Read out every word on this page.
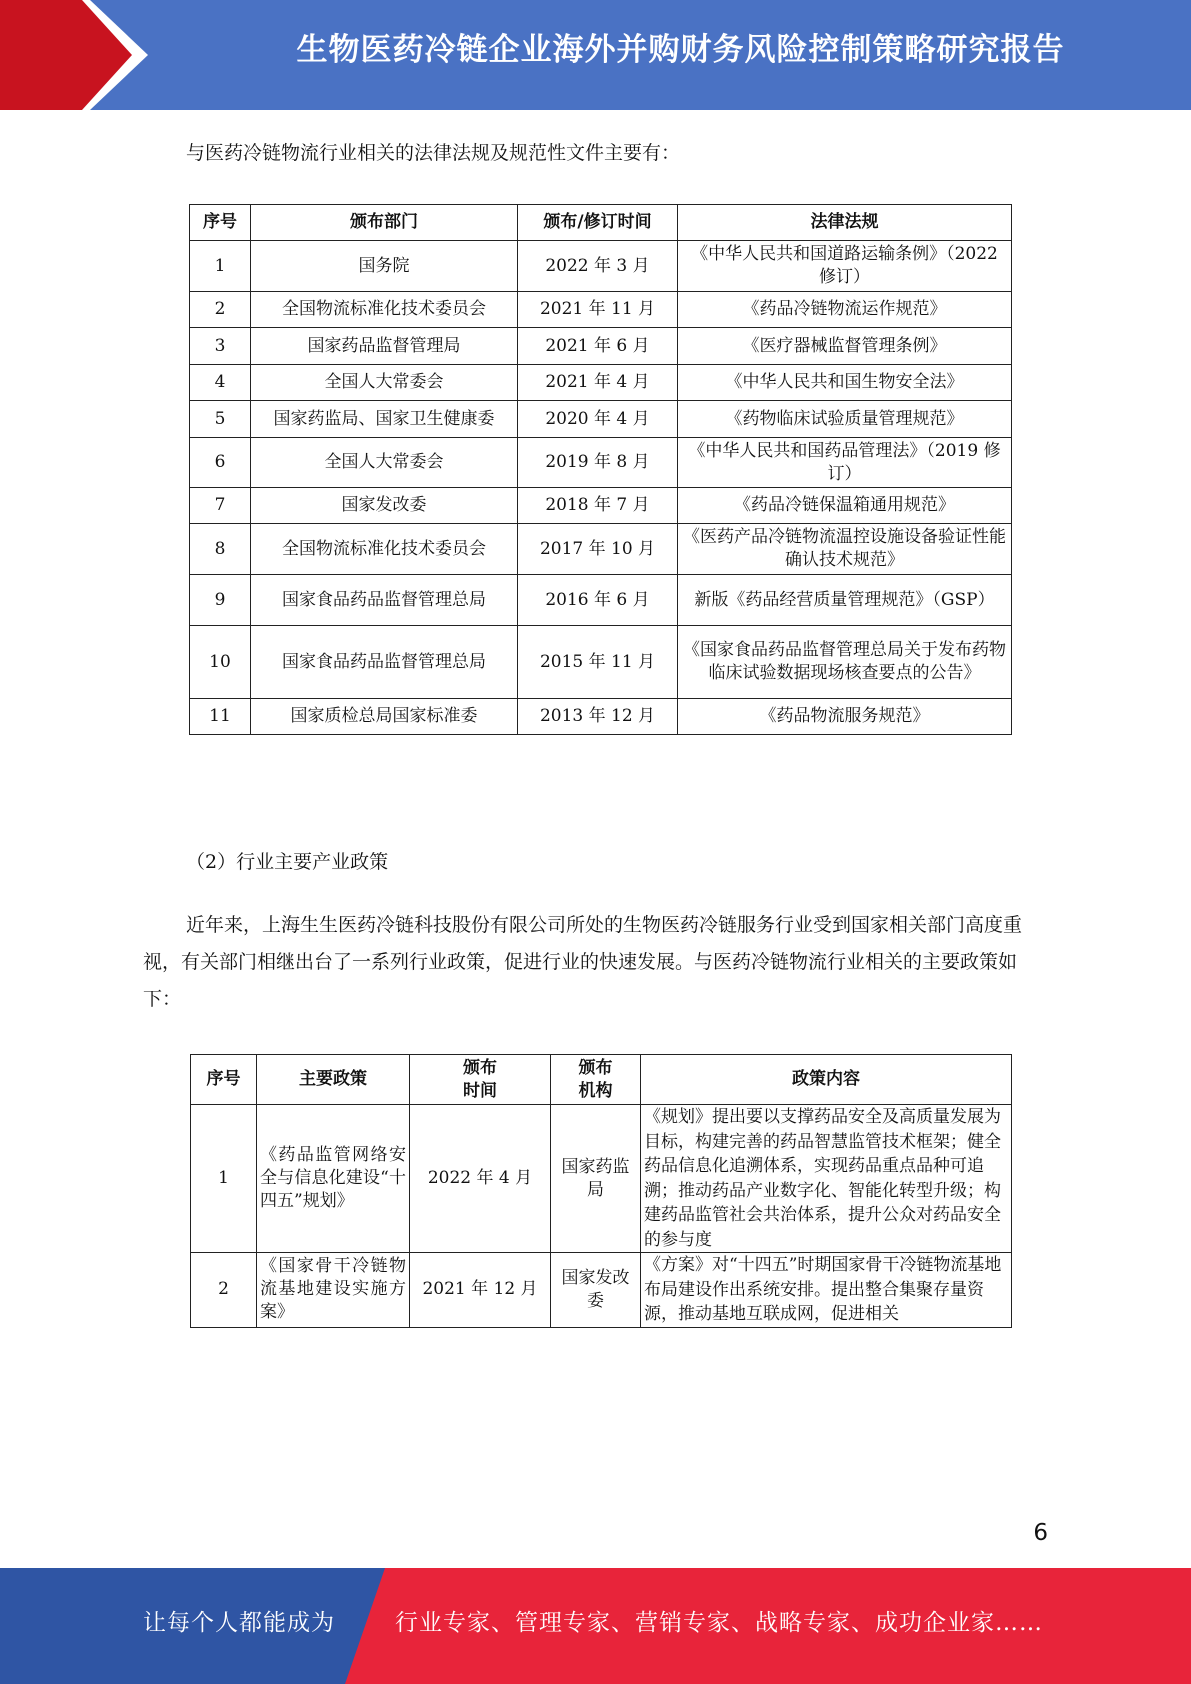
生物医药冷链企业海外并购财务风险控制策略研究报告
与医药冷链物流行业相关的法律法规及规范性文件主要有：
序号	颁布部门	颁布/修订时间	法律法规
1	国务院	2022 年 3 月	《中华人民共和国道路运输条例》（2022 修订）
2	全国物流标准化技术委员会	2021 年 11 月	《药品冷链物流运作规范》
3	国家药品监督管理局	2021 年 6 月	《医疗器械监督管理条例》
4	全国人大常委会	2021 年 4 月	《中华人民共和国生物安全法》
5	国家药监局、国家卫生健康委	2020 年 4 月	《药物临床试验质量管理规范》
6	全国人大常委会	2019 年 8 月	《中华人民共和国药品管理法》（2019 修订）
7	国家发改委	2018 年 7 月	《药品冷链保温箱通用规范》
8	全国物流标准化技术委员会	2017 年 10 月	《医药产品冷链物流温控设施设备验证性能确认技术规范》
9	国家食品药品监督管理总局	2016 年 6 月	新版《药品经营质量管理规范》（GSP）
10	国家食品药品监督管理总局	2015 年 11 月	《国家食品药品监督管理总局关于发布药物临床试验数据现场核查要点的公告》
11	国家质检总局国家标准委	2013 年 12 月	《药品物流服务规范》
（2）行业主要产业政策
近年来，上海生生医药冷链科技股份有限公司所处的生物医药冷链服务行业受到国家相关部门高度重视，有关部门相继出台了一系列行业政策，促进行业的快速发展。与医药冷链物流行业相关的主要政策如下：
序号	主要政策	颁布时间	颁布机构	政策内容
1	《药品监管网络安全与信息化建设“十四五”规划》	2022 年 4 月	国家药监局	《规划》提出要以支撑药品安全及高质量发展为目标，构建完善的药品智慧监管技术框架；健全药品信息化追溯体系，实现药品重点品种可追溯；推动药品产业数字化、智能化转型升级；构建药品监管社会共治体系，提升公众对药品安全的参与度
2	《国家骨干冷链物流基地建设实施方案》	2021 年 12 月	国家发改委	《方案》对“十四五”时期国家骨干冷链物流基地布局建设作出系统安排。提出整合集聚存量资源，推动基地互联成网，促进相关
6
让每个人都能成为	行业专家、管理专家、营销专家、战略专家、成功企业家……
